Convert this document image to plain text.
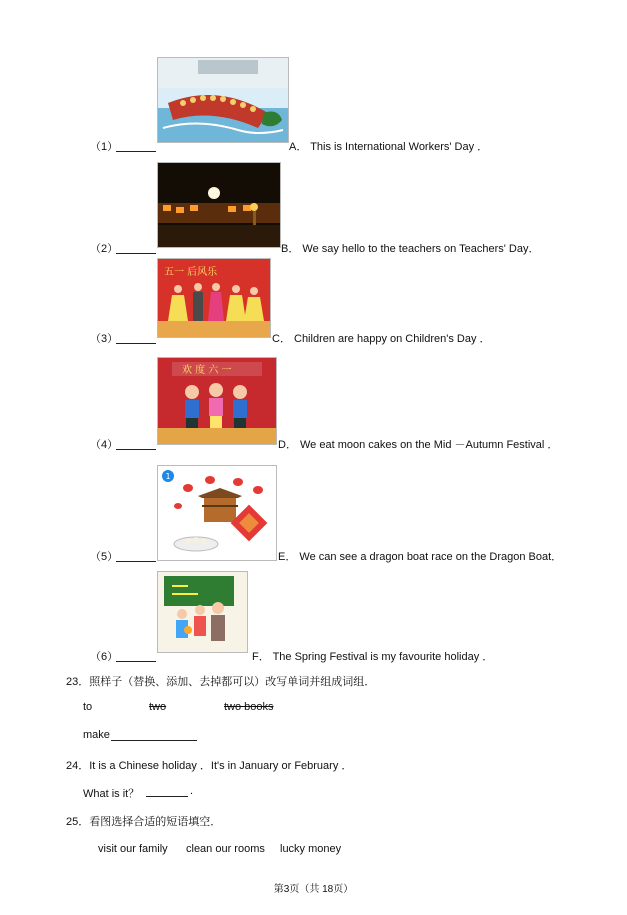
（1）	A． This is International Workers' Day ．
（2）	B． We say hello to the teachers on Teachers' Day．
五一 后风乐
（3）	C． Children are happy on Children's Day ．
欢 度 六 一
（4）	D． We eat moon cakes on the Mid －Autumn Festival ．
1
（5）	E． We can see a dragon boat race on the Dragon Boat．
（6）	F． The Spring Festival is my favourite holiday ．
23．照样子（替换、添加、去掉都可以）改写单词并组成词组．
to	two	two books
make
24．It is a Chinese holiday ．It's in January or February ．
What is it？	.
25．看图选择合适的短语填空．
visit our family clean our rooms lucky money
第3页（共 18页）
